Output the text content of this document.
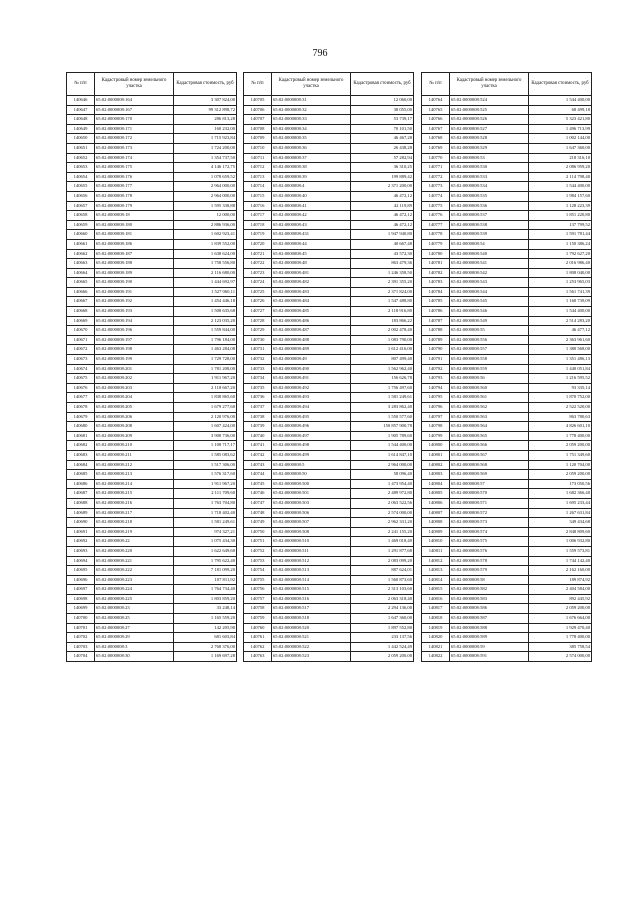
796
№ п/п	Кадастровый номер земельного участка	Кадастровая стоимость, руб
140646	65:02:0000008:164	3 307 824,00
140647	65:02:0000008:167	99 312 898,72
140648	65:02:0000008:170	286 813,28
140649	65:02:0000008:171	160 232,00
140650	65:02:0000008:172	1 715 923,84
140651	65:02:0000008:173	1 724 200,00
140652	65:02:0000008:174	1 354 737,50
140653	65:02:0000008:175	4 146 172,75
140654	65:02:0000008:176	1 078 659,52
140655	65:02:0000008:177	2 964 000,00
140656	65:02:0000008:178	2 964 000,00
140657	65:02:0000008:179	1 595 338,88
140658	65:02:0000008:18	12 000,00
140659	65:02:0000008:180	2 886 936,00
140660	65:02:0000008:181	1 602 923,41
140661	65:02:0000008:186	1 839 552,00
140662	65:02:0000008:187	1 638 624,00
140663	65:02:0000008:188	1 758 556,80
140664	65:02:0000008:189	2 116 680,00
140665	65:02:0000008:190	1 444 692,97
140666	65:02:0000008:191	1 527 060,11
140667	65:02:0000008:192	1 454 446,18
140668	65:02:0000008:193	1 508 635,68
140669	65:02:0000008:194	2 123 035,20
140670	65:02:0000008:196	1 559 844,00
140671	65:02:0000008:197	1 796 184,00
140672	65:02:0000008:198	1 463 284,08
140673	65:02:0000008:199	1 729 728,00
140674	65:02:0000008:201	1 781 208,00
140675	65:02:0000008:202	1 911 967,20
140676	65:02:0000008:203	2 118 667,20
140677	65:02:0000008:204	1 838 865,60
140678	65:02:0000008:205	1 679 277,60
140679	65:02:0000008:206	2 120 976,00
140680	65:02:0000008:208	1 607 424,00
140681	65:02:0000008:209	3 908 736,00
140682	65:02:0000008:210	1 108 717,17
140683	65:02:0000008:211	1 585 083,62
140684	65:02:0000008:212	1 517 306,00
140685	65:02:0000008:213	1 576 317,60
140686	65:02:0000008:214	1 911 967,20
140687	65:02:0000008:215	2 111 709,60
140688	65:02:0000008:216	1 763 704,80
140689	65:02:0000008:217	1 718 402,40
140690	65:02:0000008:218	1 581 249,61
140691	65:02:0000008:219	974 327,21
140692	65:02:0000008:22	1 075 434,30
140693	65:02:0000008:220	1 622 649,60
140694	65:02:0000008:221	1 795 622,40
140695	65:02:0000008:222	7 181 099,20
140696	65:02:0000008:223	107 811,92
140697	65:02:0000008:224	1 764 734,40
140698	65:02:0000008:225	1 803 859,20
140699	65:02:0000008:23	33 248,14
140700	65:02:0000008:25	1 165 559,20
140701	65:02:0000008:27	142 205,90
140702	65:02:0000008:29	681 603,84
140703	65:02:0000008:3	2 768 376,00
140704	65:02:0000008:30	1 169 697,28
№ п/п	Кадастровый номер земельного участка	Кадастровая стоимость, руб
140705	65:02:0000008:31	12 060,00
140706	65:02:0000008:32	38 055,00
140707	65:02:0000008:33	53 739,17
140708	65:02:0000008:34	70 101,50
140709	65:02:0000008:35	46 467,28
140710	65:02:0000008:36	26 438,28
140711	65:02:0000008:37	57 282,94
140712	65:02:0000008:38	36 310,25
140713	65:02:0000008:39	199 889,42
140714	65:02:0000008:4	2 371 200,00
140715	65:02:0000008:40	46 472,12
140716	65:02:0000008:41	42 119,89
140717	65:02:0000008:42	46 472,12
140718	65:02:0000008:43	46 472,12
140719	65:02:0000008:431	1 947 940,80
140720	65:02:0000008:44	40 667,48
140721	65:02:0000008:45	43 572,30
140722	65:02:0000008:48	863 479,36
140723	65:02:0000008:481	1 246 358,50
140724	65:02:0000008:482	2 391 355,20
140725	65:02:0000008:483	2 371 824,00
140726	65:02:0000008:484	1 547 488,80
140727	65:02:0000008:485	2 118 916,80
140728	65:02:0000008:486	183 866,22
140729	65:02:0000008:487	2 002 478,40
140730	65:02:0000008:488	1 083 790,00
140731	65:02:0000008:489	1 612 416,00
140732	65:02:0000008:49	807 499,40
140733	65:02:0000008:490	1 562 962,40
140734	65:02:0000008:491	156 626,78
140735	65:02:0000008:492	1 756 497,60
140736	65:02:0000008:493	1 581 249,61
140737	65:02:0000008:494	3 283 862,40
140738	65:02:0000008:495	1 550 577,60
140739	65:02:0000008:496	150 857 900,78
140740	65:02:0000008:497	1 905 789,60
140741	65:02:0000008:498	1 544 400,00
140742	65:02:0000008:499	1 614 847,10
140743	65:02:0000008:5	2 964 000,00
140744	65:02:0000008:50	58 096,40
140745	65:02:0000008:500	1 473 954,40
140746	65:02:0000008:501	2 489 972,80
140747	65:02:0000008:503	2 063 522,56
140748	65:02:0000008:506	2 574 000,00
140749	65:02:0000008:507	2 962 331,20
140750	65:02:0000008:508	2 241 155,20
140751	65:02:0000008:510	1 469 018,40
140752	65:02:0000008:511	1 291 877,68
140753	65:02:0000008:512	2 083 099,20
140754	65:02:0000008:513	887 624,01
140755	65:02:0000008:514	1 560 873,60
140756	65:02:0000008:515	2 313 103,60
140757	65:02:0000008:516	2 063 318,40
140758	65:02:0000008:517	2 294 136,00
140759	65:02:0000008:518	1 647 360,00
140760	65:02:0000008:520	1 897 552,80
140761	65:02:0000008:521	233 137,56
140762	65:02:0000008:522	1 442 524,49
140763	65:02:0000008:523	2 059 200,00
№ п/п	Кадастровый номер земельного участка	Кадастровая стоимость, руб
140764	65:02:0000008:524	1 544 400,00
140765	65:02:0000008:525	68 499,18
140766	65:02:0000008:526	5 323 421,80
140767	65:02:0000008:527	1 496 713,99
140768	65:02:0000008:528	1 002 144,00
140769	65:02:0000008:529	1 647 360,00
140770	65:02:0000008:53	218 316,10
140771	65:02:0000008:530	2 086 959,20
140772	65:02:0000008:533	2 114 798,40
140773	65:02:0000008:534	1 544 400,00
140774	65:02:0000008:535	1 984 157,60
140775	65:02:0000008:536	1 128 223,39
140776	65:02:0000008:537	1 851 220,80
140777	65:02:0000008:538	137 799,52
140778	65:02:0000008:539	1 591 781,44
140779	65:02:0000008:54	1 150 386,24
140780	65:02:0000008:540	1 792 627,20
140781	65:02:0000008:541	2 016 986,40
140782	65:02:0000008:542	1 808 040,00
140783	65:02:0000008:543	1 253 965,03
140784	65:02:0000008:544	1 561 741,39
140785	65:02:0000008:545	1 160 739,09
140786	65:02:0000008:546	1 544 400,00
140787	65:02:0000008:549	2 514 283,20
140788	65:02:0000008:55	46 477,12
140789	65:02:0000008:556	2 363 961,60
140790	65:02:0000008:557	1 380 568,00
140791	65:02:0000008:558	1 351 486,13
140792	65:02:0000008:559	1 440 051,84
140793	65:02:0000008:56	1 216 595,52
140794	65:02:0000008:560	93 335,14
140795	65:02:0000008:561	1 870 752,00
140796	65:02:0000008:562	2 522 520,00
140797	65:02:0000008:563	863 780,63
140798	65:02:0000008:564	4 826 601,10
140799	65:02:0000008:565	1 778 400,00
140800	65:02:0000008:566	2 059 200,00
140801	65:02:0000008:567	1 751 349,60
140802	65:02:0000008:568	1 120 704,00
140803	65:02:0000008:569	2 059 200,00
140804	65:02:0000008:57	173 050,56
140805	65:02:0000008:570	1 682 366,40
140806	65:02:0000008:571	1 695 233,44
140807	65:02:0000008:572	1 267 631,84
140808	65:02:0000008:573	349 434,68
140809	65:02:0000008:574	2 848 809,60
140810	65:02:0000008:575	1 006 932,80
140811	65:02:0000008:576	1 559 573,81
140812	65:02:0000008:578	1 744 142,40
140813	65:02:0000008:579	2 162 160,00
140814	65:02:0000008:58	189 874,92
140815	65:02:0000008:582	2 404 584,00
140816	65:02:0000008:583	892 445,92
140817	65:02:0000008:586	2 059 200,00
140818	65:02:0000008:587	1 676 664,00
140819	65:02:0000008:588	1 929 470,40
140820	65:02:0000008:589	1 778 400,00
140821	65:02:0000008:59	385 758,54
140822	65:02:0000008:591	2 574 000,00
